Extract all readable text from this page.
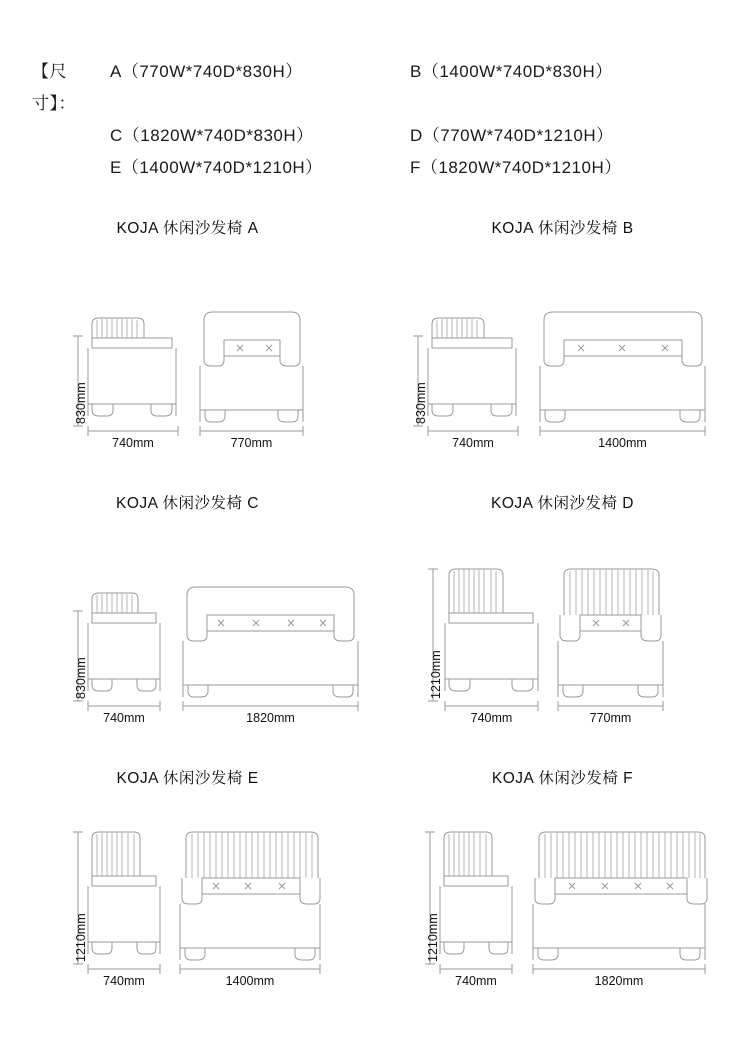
【尺寸】：
A（770W*740D*830H）	B（1400W*740D*830H）
C（1820W*740D*830H）	D（770W*740D*1210H）
E（1400W*740D*1210H）	F（1820W*740D*1210H）
KOJA 休闲沙发椅 A
830mm
740mm	770mm
KOJA 休闲沙发椅 B
830mm
740mm	1400mm
KOJA 休闲沙发椅 C
830mm
740mm	1820mm
KOJA 休闲沙发椅 D
1210mm
740mm	770mm
KOJA 休闲沙发椅 E
1210mm
740mm	1400mm
KOJA 休闲沙发椅 F
1210mm
740mm	1820mm
